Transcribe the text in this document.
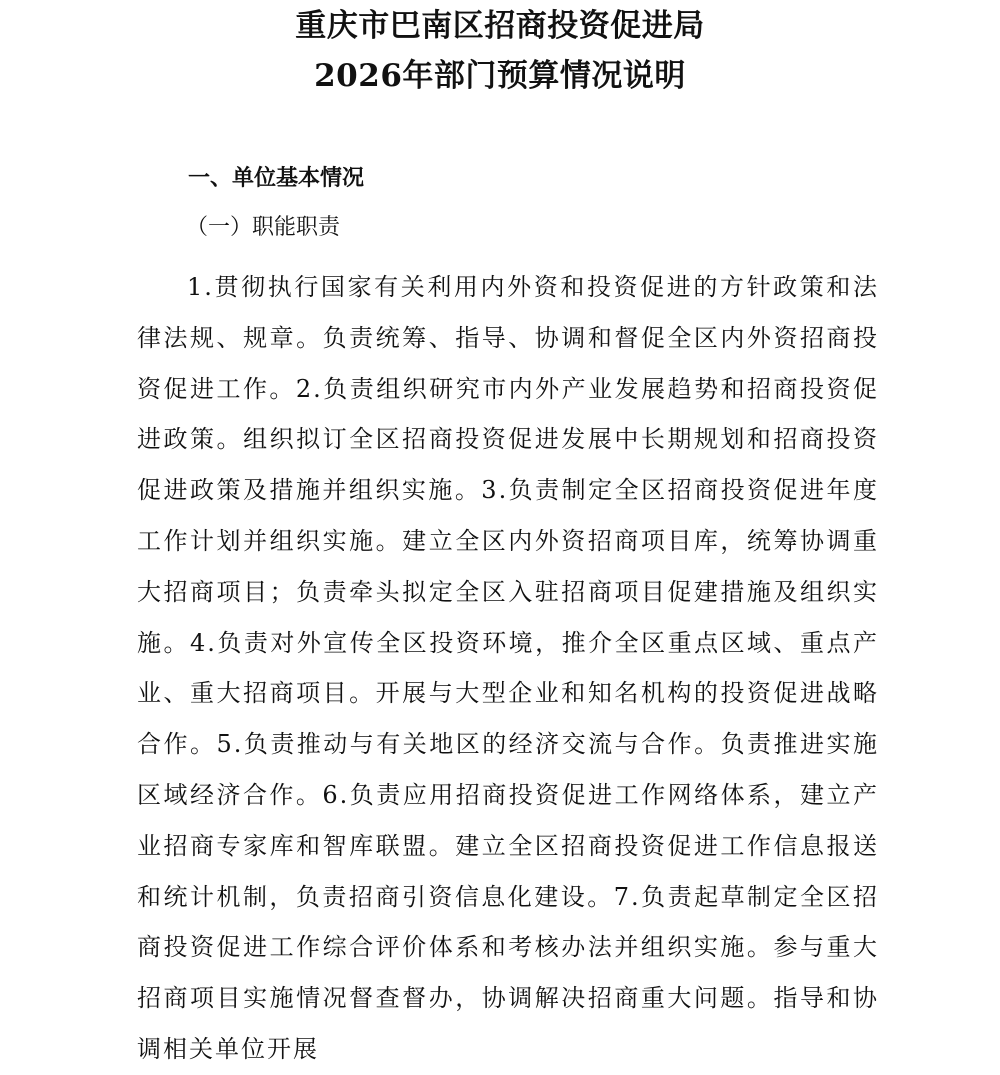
重庆市巴南区招商投资促进局
2026年部门预算情况说明
一、单位基本情况
（一）职能职责

1.贯彻执行国家有关利用内外资和投资促进的方针政策和法律法规、规章。负责统筹、指导、协调和督促全区内外资招商投资促进工作。2.负责组织研究市内外产业发展趋势和招商投资促进政策。组织拟订全区招商投资促进发展中长期规划和招商投资促进政策及措施并组织实施。3.负责制定全区招商投资促进年度工作计划并组织实施。建立全区内外资招商项目库，统筹协调重大招商项目；负责牵头拟定全区入驻招商项目促建措施及组织实施。4.负责对外宣传全区投资环境，推介全区重点区域、重点产业、重大招商项目。开展与大型企业和知名机构的投资促进战略合作。5.负责推动与有关地区的经济交流与合作。负责推进实施区域经济合作。6.负责应用招商投资促进工作网络体系，建立产业招商专家库和智库联盟。建立全区招商投资促进工作信息报送和统计机制，负责招商引资信息化建设。7.负责起草制定全区招商投资促进工作综合评价体系和考核办法并组织实施。参与重大招商项目实施情况督查督办，协调解决招商重大问题。指导和协调相关单位开展
